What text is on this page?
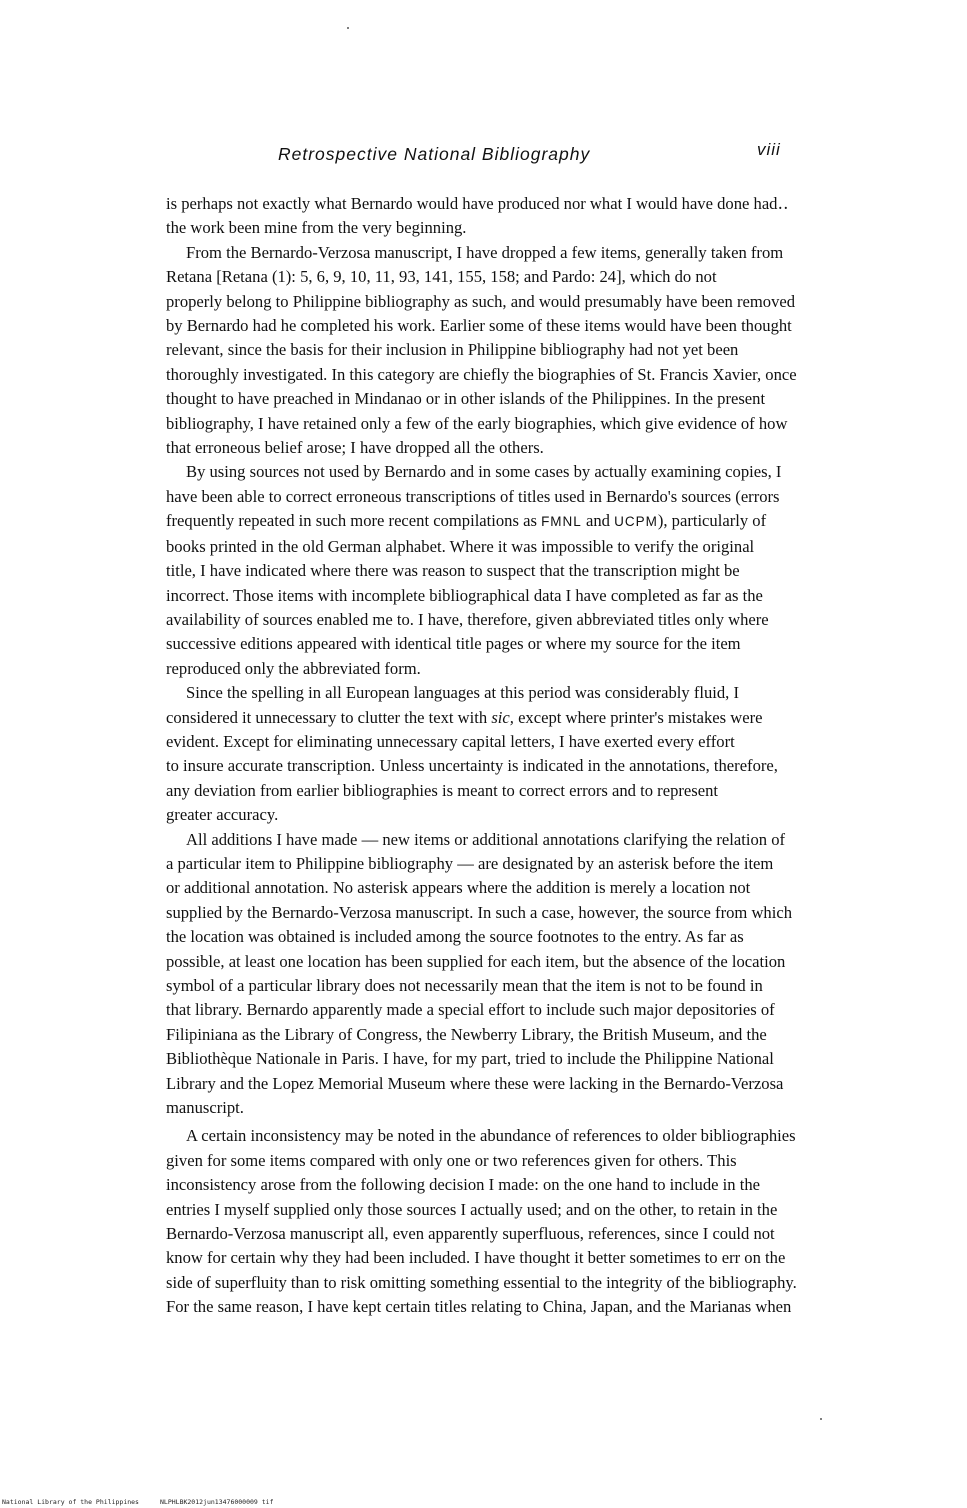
Retrospective National Bibliography	viii

is perhaps not exactly what Bernardo would have produced nor what I would have done had‥
the work been mine from the very beginning.

From the Bernardo-Verzosa manuscript, I have dropped a few items, generally taken from
Retana [Retana (1): 5, 6, 9, 10, 11, 93, 141, 155, 158; and Pardo: 24], which do not
properly belong to Philippine bibliography as such, and would presumably have been removed
by Bernardo had he completed his work. Earlier some of these items would have been thought
relevant, since the basis for their inclusion in Philippine bibliography had not yet been
thoroughly investigated. In this category are chiefly the biographies of St. Francis Xavier, once
thought to have preached in Mindanao or in other islands of the Philippines. In the present
bibliography, I have retained only a few of the early biographies, which give evidence of how
that erroneous belief arose; I have dropped all the others.

By using sources not used by Bernardo and in some cases by actually examining copies, I
have been able to correct erroneous transcriptions of titles used in Bernardo's sources (errors
frequently repeated in such more recent compilations as FMNL and UCPM), particularly of
books printed in the old German alphabet. Where it was impossible to verify the original
title, I have indicated where there was reason to suspect that the transcription might be
incorrect. Those items with incomplete bibliographical data I have completed as far as the
availability of sources enabled me to. I have, therefore, given abbreviated titles only where
successive editions appeared with identical title pages or where my source for the item
reproduced only the abbreviated form.

Since the spelling in all European languages at this period was considerably fluid, I
considered it unnecessary to clutter the text with sic, except where printer's mistakes were
evident. Except for eliminating unnecessary capital letters, I have exerted every effort
to insure accurate transcription. Unless uncertainty is indicated in the annotations, therefore,
any deviation from earlier bibliographies is meant to correct errors and to represent
greater accuracy.

All additions I have made — new items or additional annotations clarifying the relation of
a particular item to Philippine bibliography — are designated by an asterisk before the item
or additional annotation. No asterisk appears where the addition is merely a location not
supplied by the Bernardo-Verzosa manuscript. In such a case, however, the source from which
the location was obtained is included among the source footnotes to the entry. As far as
possible, at least one location has been supplied for each item, but the absence of the location
symbol of a particular library does not necessarily mean that the item is not to be found in
that library. Bernardo apparently made a special effort to include such major depositories of
Filipiniana as the Library of Congress, the Newberry Library, the British Museum, and the
Bibliothèque Nationale in Paris. I have, for my part, tried to include the Philippine National
Library and the Lopez Memorial Museum where these were lacking in the Bernardo-Verzosa
manuscript.

A certain inconsistency may be noted in the abundance of references to older bibliographies
given for some items compared with only one or two references given for others. This
inconsistency arose from the following decision I made: on the one hand to include in the
entries I myself supplied only those sources I actually used; and on the other, to retain in the
Bernardo-Verzosa manuscript all, even apparently superfluous, references, since I could not
know for certain why they had been included. I have thought it better sometimes to err on the
side of superfluity than to risk omitting something essential to the integrity of the bibliography.
For the same reason, I have kept certain titles relating to China, Japan, and the Marianas when

National Library of the Philippines	NLPHLBK2012jun13476000009 tif
